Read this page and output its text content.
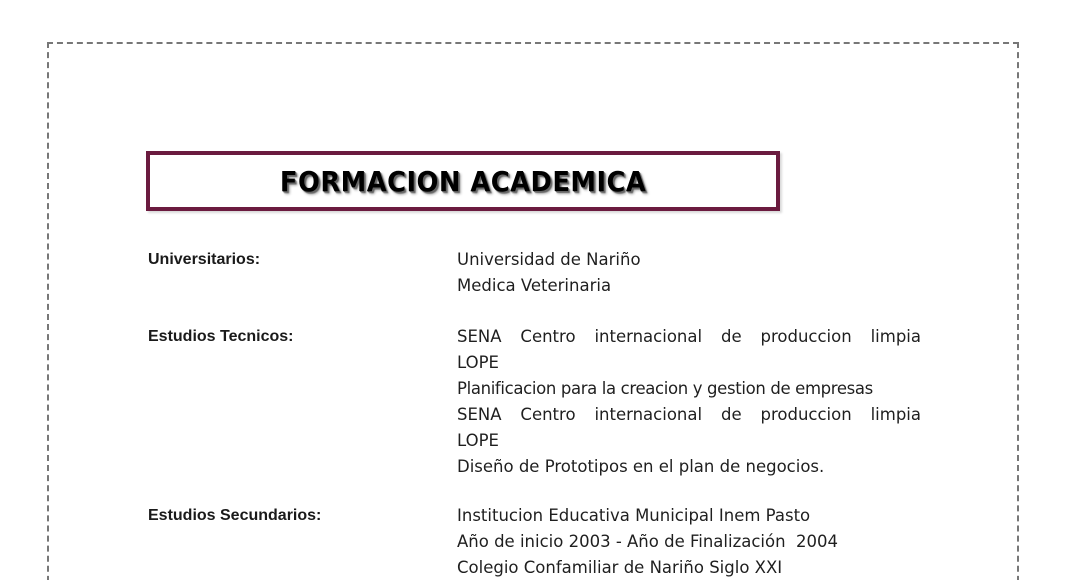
FORMACION ACADEMICA
Universitarios:	Universidad de Nariño
Medica Veterinaria
Estudios Tecnicos:	SENA Centro internacional de produccion limpia
LOPE
Planificacion para la creacion y gestion de empresas
SENA Centro internacional de produccion limpia
LOPE
Diseño de Prototipos en el plan de negocios.
Estudios Secundarios:	Institucion Educativa Municipal Inem Pasto
Año de inicio 2003 - Año de Finalización  2004
Colegio Confamiliar de Nariño Siglo XXI
